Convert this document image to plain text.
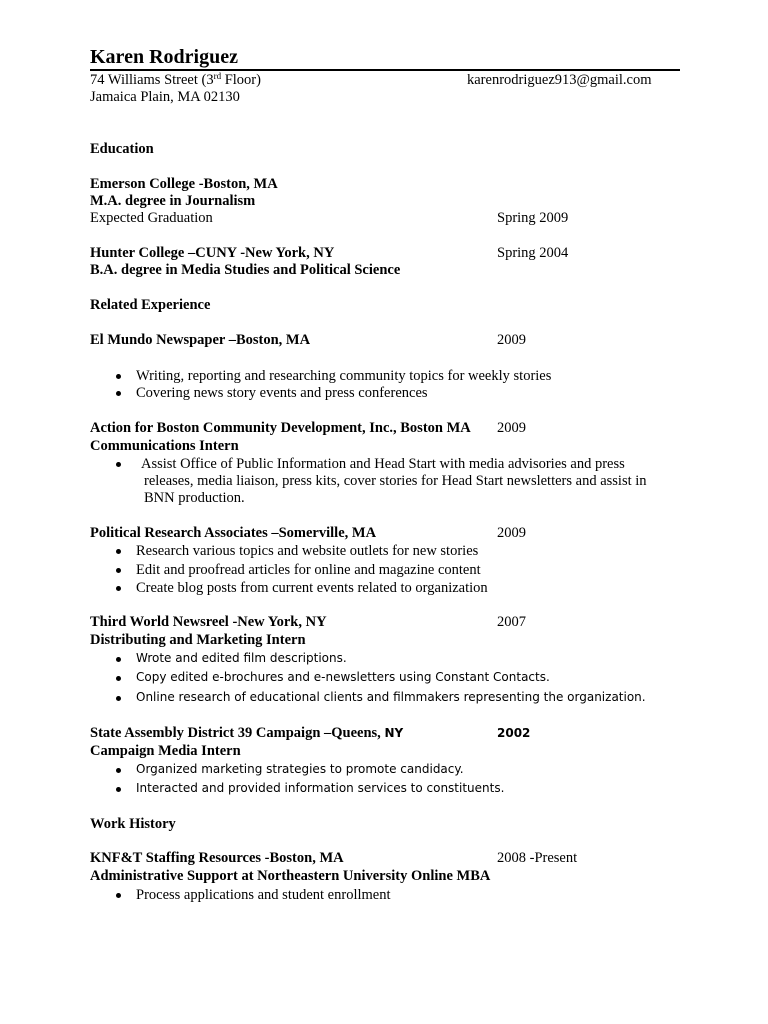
Karen Rodriguez
74 Williams Street (3rd Floor)	karenrodriguez913@gmail.com
Jamaica Plain, MA 02130
Education
Emerson College -Boston, MA
M.A. degree in Journalism
Expected Graduation	Spring 2009
Hunter College –CUNY -New York, NY	Spring 2004
B.A. degree in Media Studies and Political Science
Related Experience
El Mundo Newspaper –Boston, MA	2009
Writing, reporting and researching community topics for weekly stories
Covering news story events and press conferences
Action for Boston Community Development, Inc., Boston MA 2009
Communications Intern
Assist Office of Public Information and Head Start with media advisories and press
releases, media liaison, press kits, cover stories for Head Start newsletters and assist in
BNN production.
Political Research Associates –Somerville, MA	2009
Research various topics and website outlets for new stories
Edit and proofread articles for online and magazine content
Create blog posts from current events related to organization
Third World Newsreel -New York, NY	2007
Distributing and Marketing Intern
Wrote and edited film descriptions.
Copy edited e-brochures and e-newsletters using Constant Contacts.
Online research of educational clients and filmmakers representing the organization.
State Assembly District 39 Campaign –Queens, NY	2002
Campaign Media Intern
Organized marketing strategies to promote candidacy.
Interacted and provided information services to constituents.
Work History
KNF&T Staffing Resources -Boston, MA	2008 -Present
Administrative Support at Northeastern University Online MBA
Process applications and student enrollment
